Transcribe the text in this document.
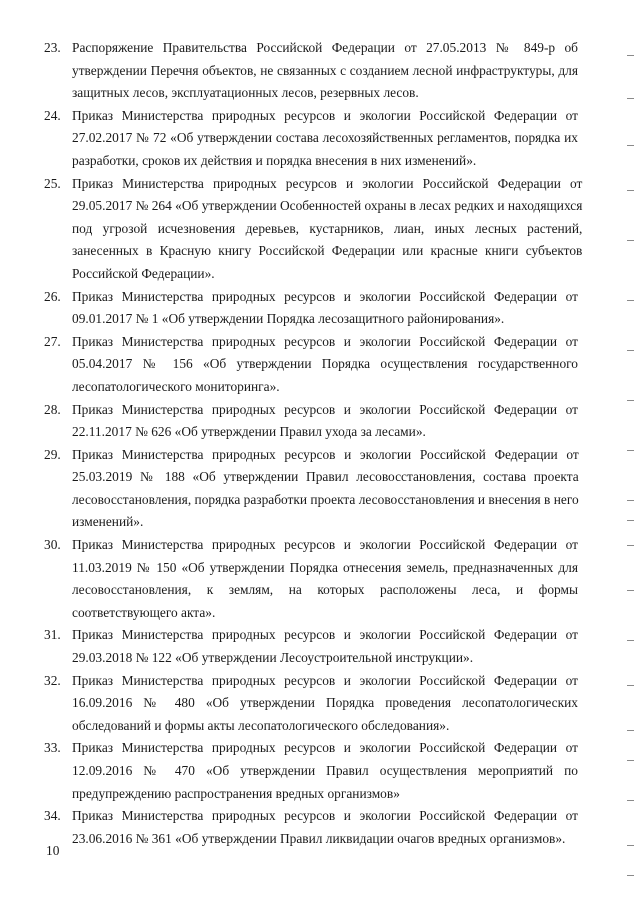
23. Распоряжение Правительства Российской Федерации от 27.05.2013 № 849-р об
утверждении Перечня объектов, не связанных с созданием лесной инфраструктуры, для
защитных лесов, эксплуатационных лесов, резервных лесов.
24. Приказ Министерства природных ресурсов и экологии Российской Федерации от
27.02.2017 № 72 «Об утверждении состава лесохозяйственных регламентов, порядка их
разработки, сроков их действия и порядка внесения в них изменений».
25. Приказ Министерства природных ресурсов и экологии Российской Федерации от
29.05.2017 № 264 «Об утверждении Особенностей охраны в лесах редких и находящихся
под угрозой исчезновения деревьев, кустарников, лиан, иных лесных растений,
занесенных в Красную книгу Российской Федерации или красные книги субъектов
Российской Федерации».
26. Приказ Министерства природных ресурсов и экологии Российской Федерации от
09.01.2017 № 1 «Об утверждении Порядка лесозащитного районирования».
27. Приказ Министерства природных ресурсов и экологии Российской Федерации от
05.04.2017 № 156 «Об утверждении Порядка осуществления государственного
лесопатологического мониторинга».
28. Приказ Министерства природных ресурсов и экологии Российской Федерации от
22.11.2017 № 626 «Об утверждении Правил ухода за лесами».
29. Приказ Министерства природных ресурсов и экологии Российской Федерации от
25.03.2019 № 188 «Об утверждении Правил лесовосстановления, состава проекта
лесовосстановления, порядка разработки проекта лесовосстановления и внесения в него
изменений».
30. Приказ Министерства природных ресурсов и экологии Российской Федерации от
11.03.2019 № 150 «Об утверждении Порядка отнесения земель, предназначенных для
лесовосстановления, к землям, на которых расположены леса, и формы
соответствующего акта».
31. Приказ Министерства природных ресурсов и экологии Российской Федерации от
29.03.2018 № 122 «Об утверждении Лесоустроительной инструкции».
32. Приказ Министерства природных ресурсов и экологии Российской Федерации от
16.09.2016 № 480 «Об утверждении Порядка проведения лесопатологических
обследований и формы акты лесопатологического обследования».
33. Приказ Министерства природных ресурсов и экологии Российской Федерации от
12.09.2016 № 470 «Об утверждении Правил осуществления мероприятий по
предупреждению распространения вредных организмов»
34. Приказ Министерства природных ресурсов и экологии Российской Федерации от
23.06.2016 № 361 «Об утверждении Правил ликвидации очагов вредных организмов».
10
